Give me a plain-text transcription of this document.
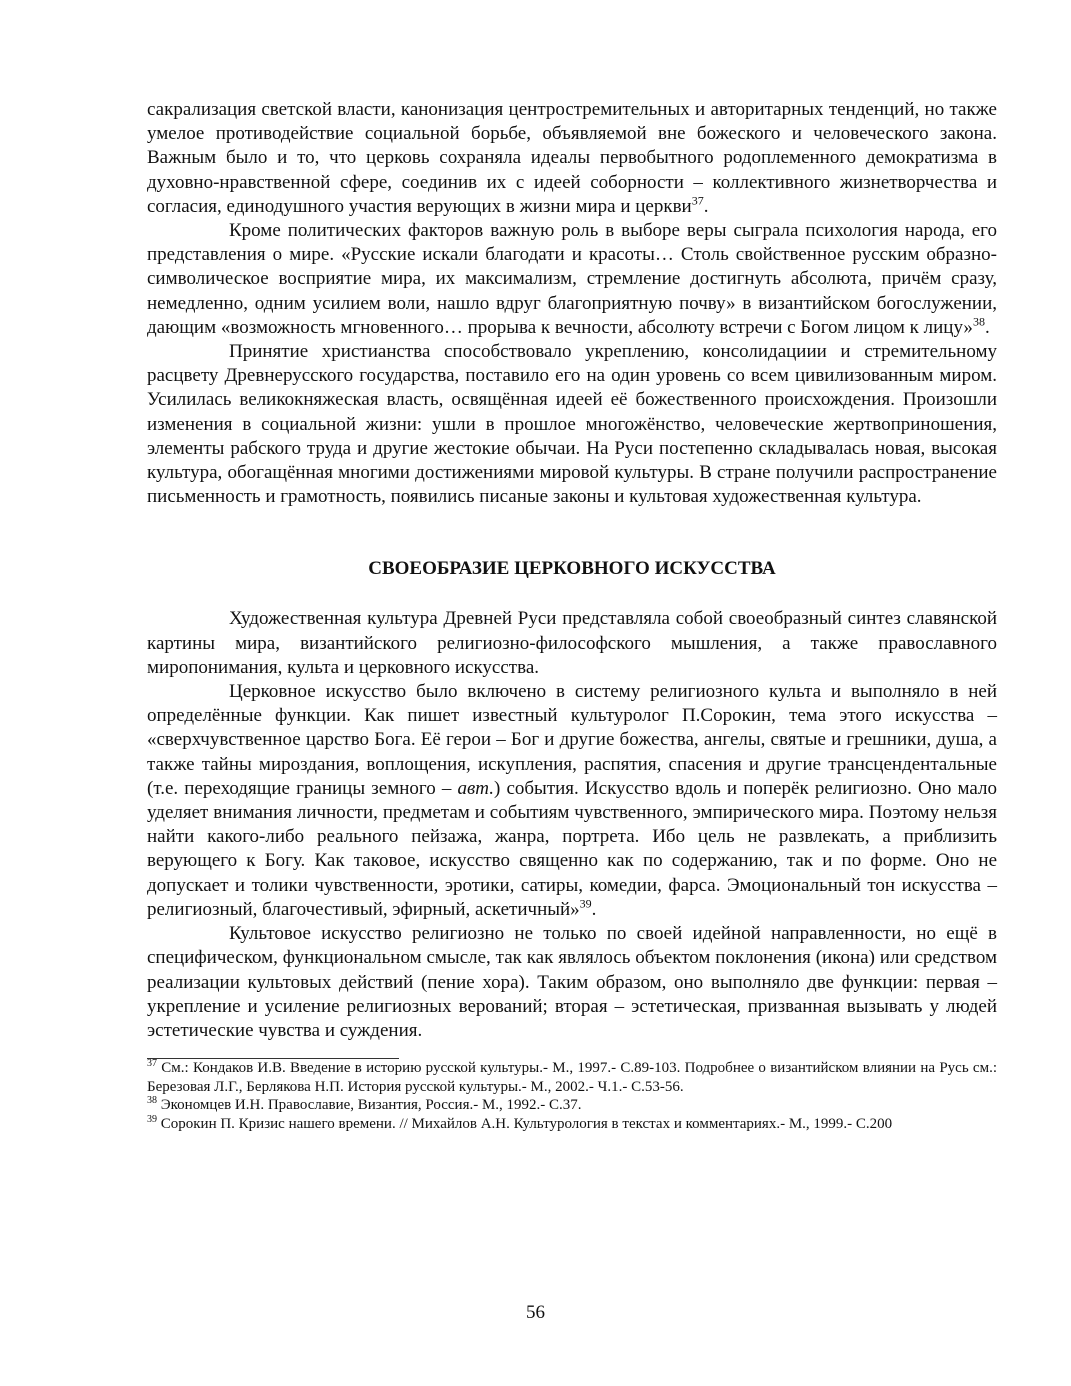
сакрализация светской власти, канонизация центростремительных и авторитарных тенденций, но также умелое противодействие социальной борьбе, объявляемой вне божеского и человеческого закона. Важным было и то, что церковь сохраняла идеалы первобытного родоплеменного демократизма в духовно-нравственной сфере, соединив их с идеей соборности – коллективного жизнетворчества и согласия, единодушного участия верующих в жизни мира и церкви$^{37}$.

Кроме политических факторов важную роль в выборе веры сыграла психология народа, его представления о мире. «Русские искали благодати и красоты… Столь свойственное русским образно-символическое восприятие мира, их максимализм, стремление достигнуть абсолюта, причём сразу, немедленно, одним усилием воли, нашло вдруг благоприятную почву» в византийском богослужении, дающим «возможность мгновенного… прорыва к вечности, абсолюту встречи с Богом лицом к лицу»$^{38}$.

Принятие христианства способствовало укреплению, консолидациии и стремительному расцвету Древнерусского государства, поставило его на один уровень со всем цивилизованным миром. Усилилась великокняжеская власть, освящённая идеей её божественного происхождения. Произошли изменения в социальной жизни: ушли в прошлое многожёнство, человеческие жертвоприношения, элементы рабского труда и другие жестокие обычаи. На Руси постепенно складывалась новая, высокая культура, обогащённая многими достижениями мировой культуры. В стране получили распространение письменность и грамотность, появились писаные законы и культовая художественная культура.

СВОЕОБРАЗИЕ ЦЕРКОВНОГО ИСКУССТВА

Художественная культура Древней Руси представляла собой своеобразный синтез славянской картины мира, византийского религиозно-философского мышления, а также православного миропонимания, культа и церковного искусства.

Церковное искусство было включено в систему религиозного культа и выполняло в ней определённые функции. Как пишет известный культуролог П.Сорокин, тема этого искусства – «сверхчувственное царство Бога. Её герои – Бог и другие божества, ангелы, святые и грешники, душа, а также тайны мироздания, воплощения, искупления, распятия, спасения и другие трансцендентальные (т.е. переходящие границы земного – авт.) события. Искусство вдоль и поперёк религиозно. Оно мало уделяет внимания личности, предметам и событиям чувственного, эмпирического мира. Поэтому нельзя найти какого-либо реального пейзажа, жанра, портрета. Ибо цель не развлекать, а приблизить верующего к Богу. Как таковое, искусство священно как по содержанию, так и по форме. Оно не допускает и толики чувственности, эротики, сатиры, комедии, фарса. Эмоциональный тон искусства – религиозный, благочестивый, эфирный, аскетичный»$^{39}$.

Культовое искусство религиозно не только по своей идейной направленности, но ещё в специфическом, функциональном смысле, так как являлось объектом поклонения (икона) или средством реализации культовых действий (пение хора). Таким образом, оно выполняло две функции: первая – укрепление и усиление религиозных верований; вторая – эстетическая, призванная вызывать у людей эстетические чувства и суждения.

$^{37}$ См.: Кондаков И.В. Введение в историю русской культуры.- М., 1997.- С.89-103. Подробнее о византийском влиянии на Русь см.: Березовая Л.Г., Берлякова Н.П. История русской культуры.- М., 2002.- Ч.1.- С.53-56.

$^{38}$ Экономцев И.Н. Православие, Византия, Россия.- М., 1992.- С.37.

$^{39}$ Сорокин П. Кризис нашего времени. // Михайлов А.Н. Культурология в текстах и комментариях.- М., 1999.- С.200

56
